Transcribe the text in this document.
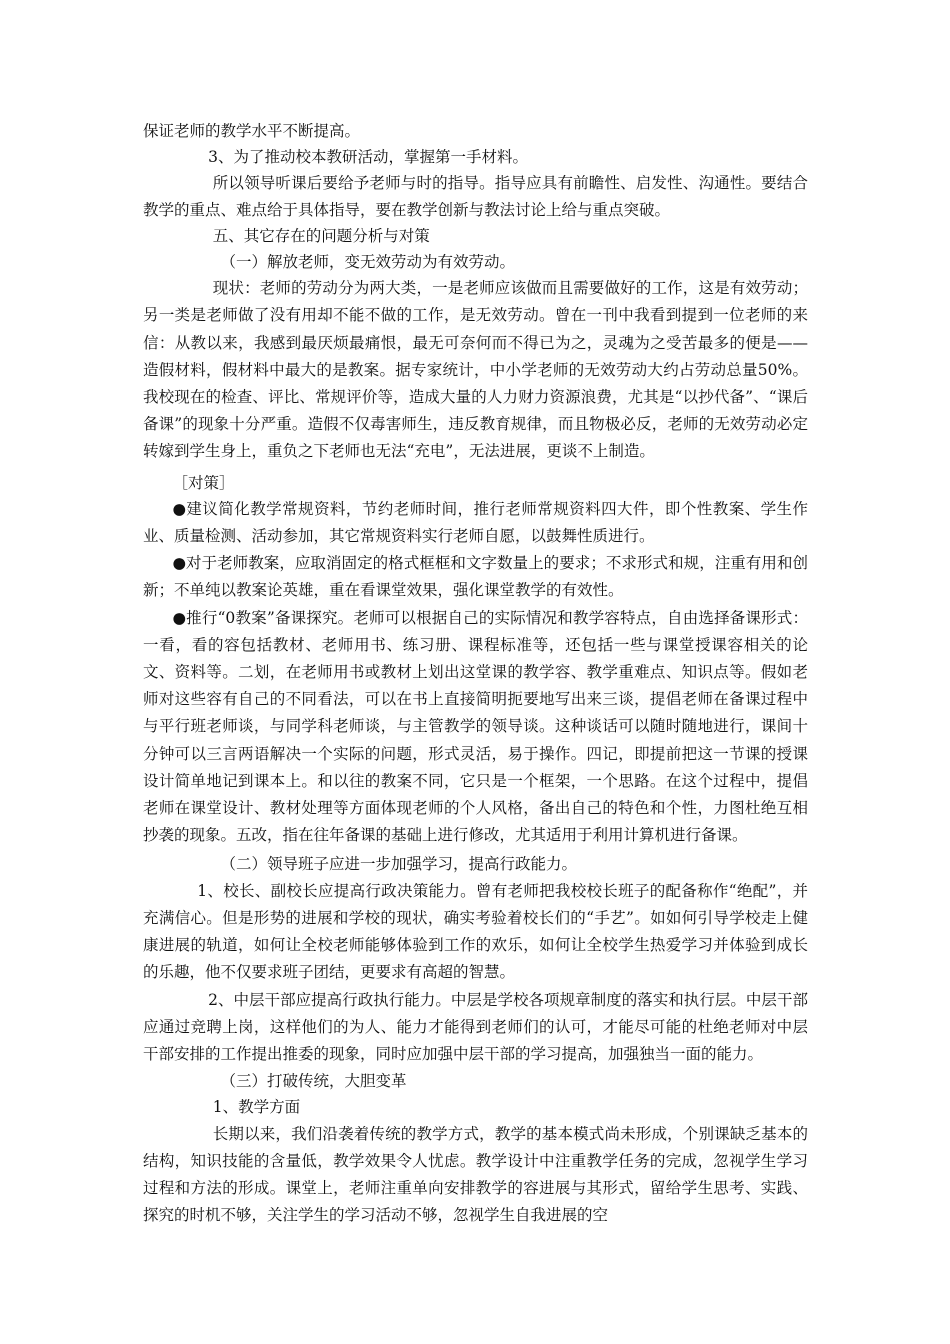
保证老师的教学水平不断提高。

3、为了推动校本教研活动，掌握第一手材料。

所以领导听课后要给予老师与时的指导。指导应具有前瞻性、启发性、沟通性。要结合教学的重点、难点给于具体指导，要在教学创新与教法讨论上给与重点突破。

五、其它存在的问题分析与对策

（一）解放老师，变无效劳动为有效劳动。

现状：老师的劳动分为两大类，一是老师应该做而且需要做好的工作，这是有效劳动；另一类是老师做了没有用却不能不做的工作，是无效劳动。曾在一刊中我看到提到一位老师的来信：从教以来，我感到最厌烦最痛恨，最无可奈何而不得已为之，灵魂为之受苦最多的便是——造假材料，假材料中最大的是教案。据专家统计，中小学老师的无效劳动大约占劳动总量50%。我校现在的检查、评比、常规评价等，造成大量的人力财力资源浪费，尤其是“以抄代备”、“课后备课”的现象十分严重。造假不仅毒害师生，违反教育规律，而且物极必反，老师的无效劳动必定转嫁到学生身上，重负之下老师也无法“充电”，无法进展，更谈不上制造。

［对策］

●建议简化教学常规资料，节约老师时间，推行老师常规资料四大件，即个性教案、学生作业、质量检测、活动参加，其它常规资料实行老师自愿，以鼓舞性质进行。

●对于老师教案，应取消固定的格式框框和文字数量上的要求；不求形式和规，注重有用和创新；不单纯以教案论英雄，重在看课堂效果，强化课堂教学的有效性。

●推行“0教案”备课探究。老师可以根据自己的实际情况和教学容特点，自由选择备课形式：一看，看的容包括教材、老师用书、练习册、课程标准等，还包括一些与课堂授课容相关的论文、资料等。二划，在老师用书或教材上划出这堂课的教学容、教学重难点、知识点等。假如老师对这些容有自己的不同看法，可以在书上直接简明扼要地写出来三谈，提倡老师在备课过程中与平行班老师谈，与同学科老师谈，与主管教学的领导谈。这种谈话可以随时随地进行，课间十分钟可以三言两语解决一个实际的问题，形式灵活，易于操作。四记，即提前把这一节课的授课设计简单地记到课本上。和以往的教案不同，它只是一个框架，一个思路。在这个过程中，提倡老师在课堂设计、教材处理等方面体现老师的个人风格，备出自己的特色和个性，力图杜绝互相抄袭的现象。五改，指在往年备课的基础上进行修改，尤其适用于利用计算机进行备课。

（二）领导班子应进一步加强学习，提高行政能力。

1、校长、副校长应提高行政决策能力。曾有老师把我校校长班子的配备称作“绝配”，并充满信心。但是形势的进展和学校的现状，确实考验着校长们的“手艺”。如如何引导学校走上健康进展的轨道，如何让全校老师能够体验到工作的欢乐，如何让全校学生热爱学习并体验到成长的乐趣，他不仅要求班子团结，更要求有高超的智慧。

2、中层干部应提高行政执行能力。中层是学校各项规章制度的落实和执行层。中层干部应通过竞聘上岗，这样他们的为人、能力才能得到老师们的认可，才能尽可能的杜绝老师对中层干部安排的工作提出推委的现象，同时应加强中层干部的学习提高，加强独当一面的能力。

（三）打破传统，大胆变革

1、教学方面

长期以来，我们沿袭着传统的教学方式，教学的基本模式尚未形成，个别课缺乏基本的结构，知识技能的含量低，教学效果令人忧虑。教学设计中注重教学任务的完成，忽视学生学习过程和方法的形成。课堂上，老师注重单向安排教学的容进展与其形式，留给学生思考、实践、探究的时机不够，关注学生的学习活动不够，忽视学生自我进展的空
